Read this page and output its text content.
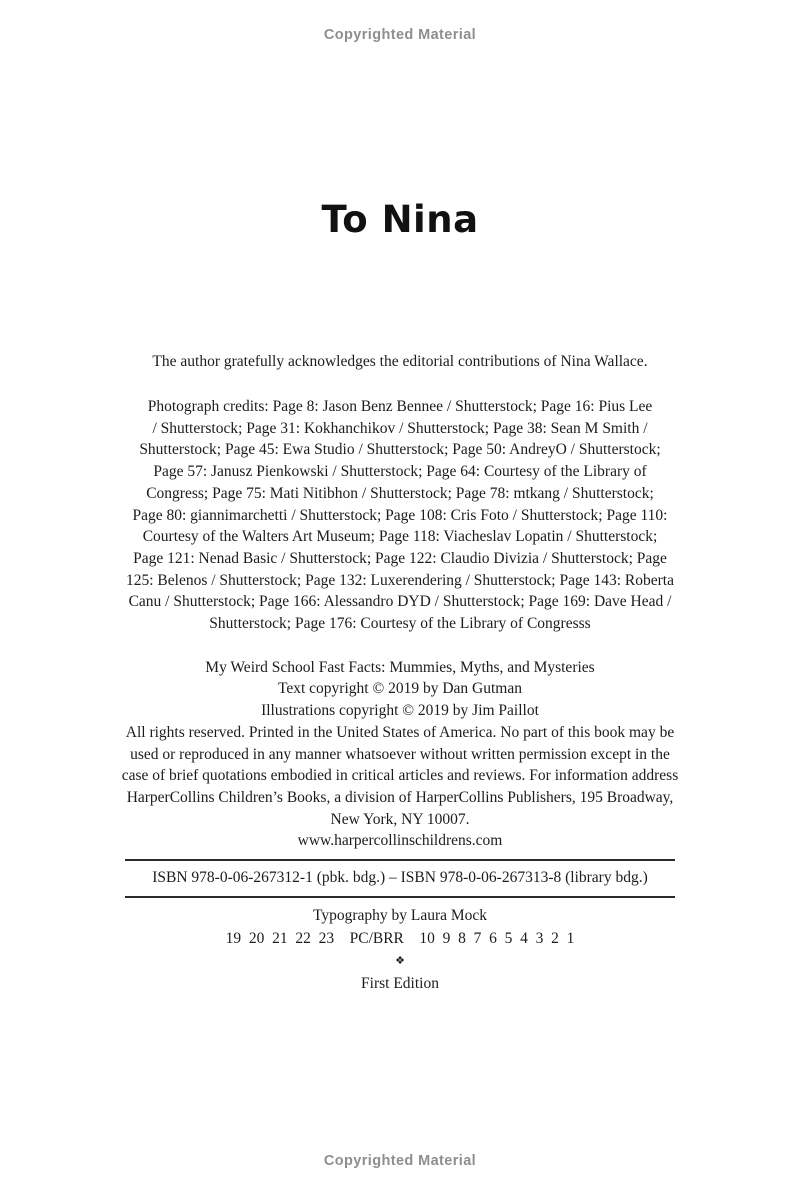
Copyrighted Material
To Nina
The author gratefully acknowledges the editorial contributions of Nina Wallace.
Photograph credits: Page 8: Jason Benz Bennee / Shutterstock; Page 16: Pius Lee
/ Shutterstock; Page 31: Kokhanchikov / Shutterstock; Page 38: Sean M Smith /
Shutterstock; Page 45: Ewa Studio / Shutterstock; Page 50: AndreyO / Shutterstock;
Page 57: Janusz Pienkowski / Shutterstock; Page 64: Courtesy of the Library of
Congress; Page 75: Mati Nitibhon / Shutterstock; Page 78: mtkang / Shutterstock;
Page 80: giannimarchetti / Shutterstock; Page 108: Cris Foto / Shutterstock; Page 110:
Courtesy of the Walters Art Museum; Page 118: Viacheslav Lopatin / Shutterstock;
Page 121: Nenad Basic / Shutterstock; Page 122: Claudio Divizia / Shutterstock; Page
125: Belenos / Shutterstock; Page 132: Luxerendering / Shutterstock; Page 143: Roberta
Canu / Shutterstock; Page 166: Alessandro DYD / Shutterstock; Page 169: Dave Head /
Shutterstock; Page 176: Courtesy of the Library of Congresss
My Weird School Fast Facts: Mummies, Myths, and Mysteries
Text copyright © 2019 by Dan Gutman
Illustrations copyright © 2019 by Jim Paillot
All rights reserved. Printed in the United States of America. No part of this book may be
used or reproduced in any manner whatsoever without written permission except in the
case of brief quotations embodied in critical articles and reviews. For information address
HarperCollins Children’s Books, a division of HarperCollins Publishers, 195 Broadway,
New York, NY 10007.
www.harpercollinschildrens.com
ISBN 978-0-06-267312-1 (pbk. bdg.) – ISBN 978-0-06-267313-8 (library bdg.)
Typography by Laura Mock
19  20  21  22  23    PC/BRR    10  9  8  7  6  5  4  3  2  1
❖
First Edition
Copyrighted Material
